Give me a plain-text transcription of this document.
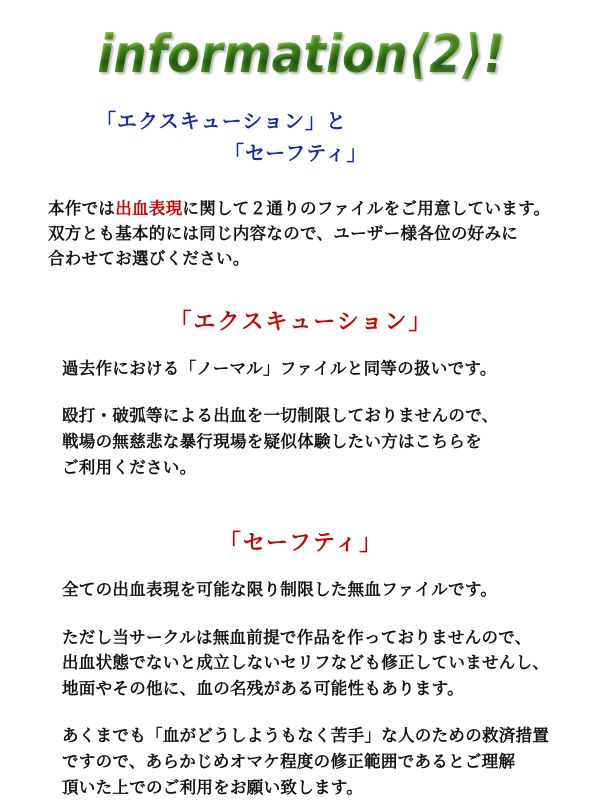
information⟨2⟩!
「エクスキューション」と
「セーフティ」
本作では出血表現に関して２通りのファイルをご用意しています。
双方とも基本的には同じ内容なので、ユーザー様各位の好みに
合わせてお選びください。
「エクスキューション」
過去作における「ノーマル」ファイルと同等の扱いです。
殴打・破弧等による出血を一切制限しておりませんので、
戦場の無慈悲な暴行現場を疑似体験したい方はこちらを
ご利用ください。
「セーフティ」
全ての出血表現を可能な限り制限した無血ファイルです。
ただし当サークルは無血前提で作品を作っておりませんので、
出血状態でないと成立しないセリフなども修正していませんし、
地面やその他に、血の名残がある可能性もあります。
あくまでも「血がどうしようもなく苦手」な人のための救済措置
ですので、あらかじめオマケ程度の修正範囲であるとご理解
頂いた上でのご利用をお願い致します。
